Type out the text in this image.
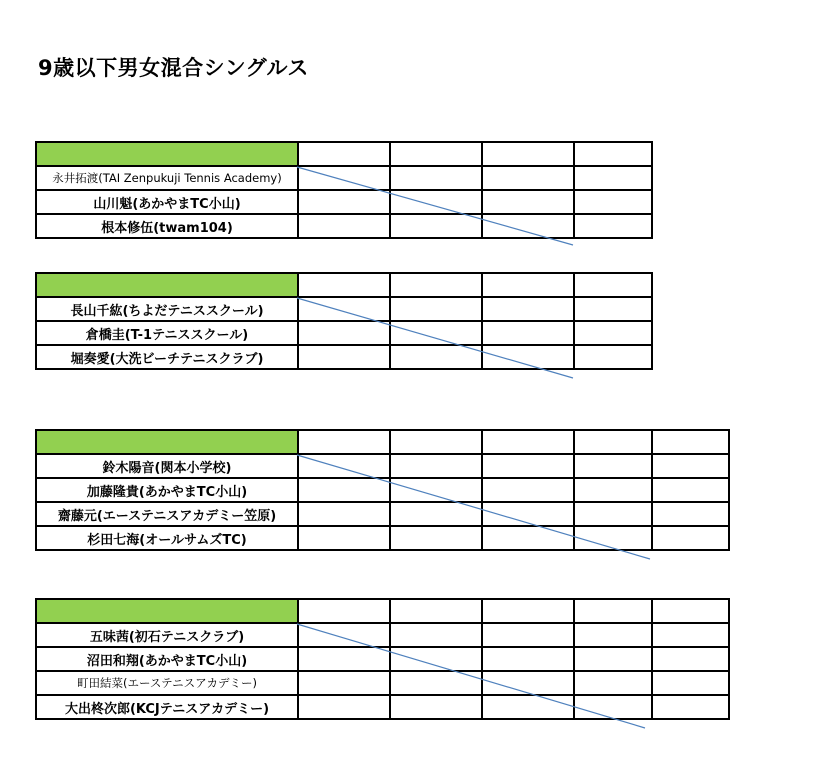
9歳以下男女混合シングルス

永井拓渡(TAI Zenpukuji Tennis Academy)				
山川魁(あかやまTC小山)				
根本修伍(twam104)				

長山千紘(ちよだテニススクール)				
倉橋圭(T-1テニススクール)				
堀奏愛(大洗ビーチテニスクラブ)				

鈴木陽音(関本小学校)					
加藤隆貴(あかやまTC小山)					
齋藤元(エーステニスアカデミー笠原)					
杉田七海(オールサムズTC)					

五味茜(初石テニスクラブ)					
沼田和翔(あかやまTC小山)					
町田結菜(エーステニスアカデミー)					
大出柊次郎(KCJテニスアカデミー)					
